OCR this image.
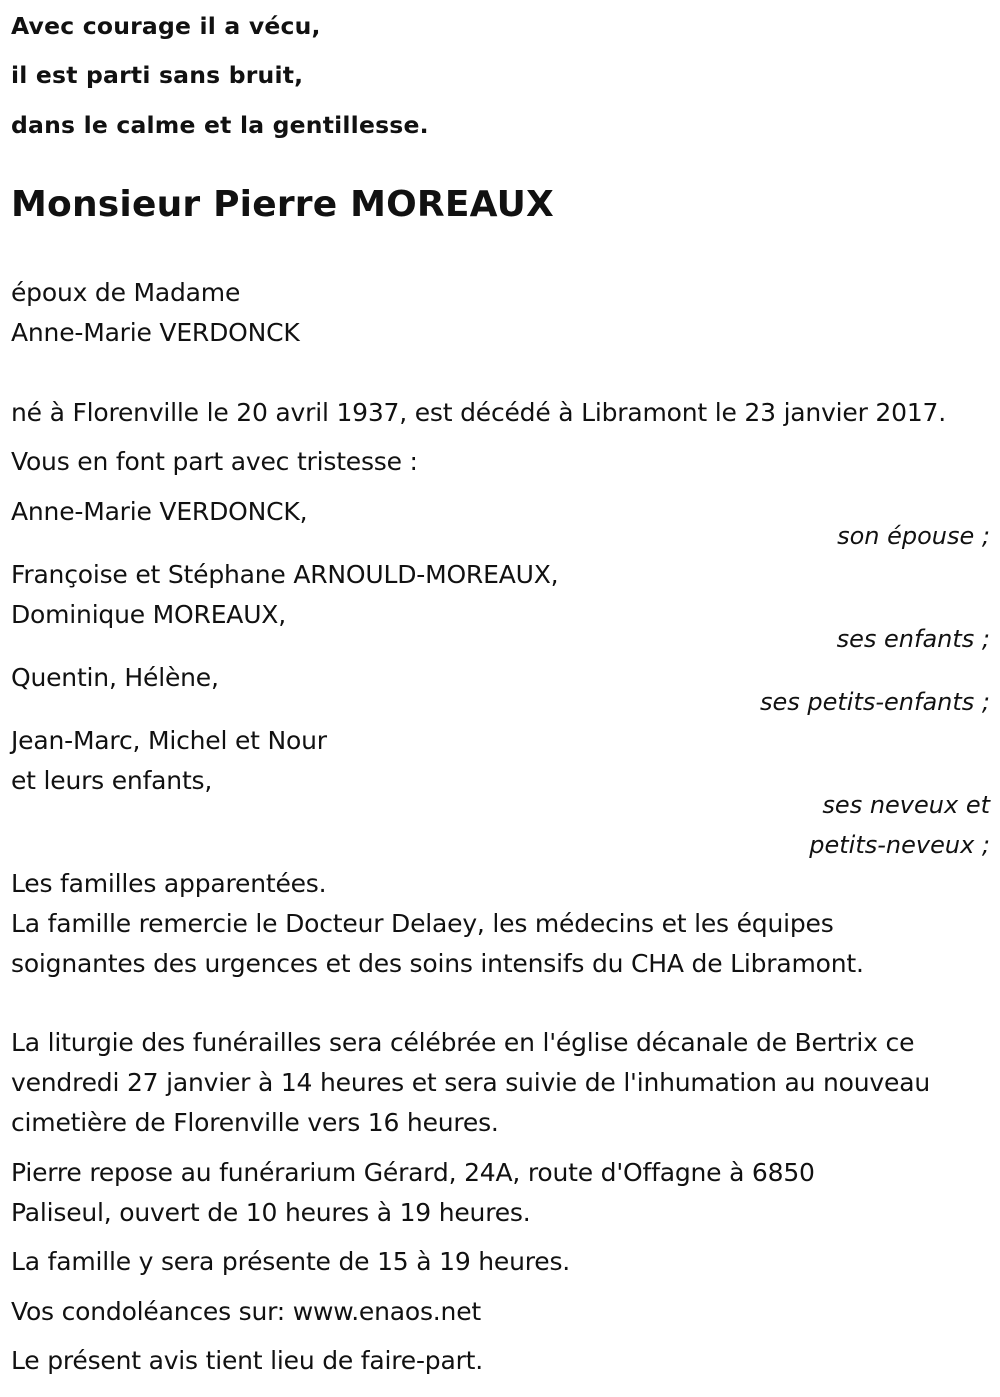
Avec courage il a vécu,

il est parti sans bruit,

dans le calme et la gentillesse.

Monsieur Pierre MOREAUX

époux de Madame

Anne-Marie VERDONCK

né à Florenville le 20 avril 1937, est décédé à Libramont le 23 janvier 2017.

Vous en font part avec tristesse :

Anne-Marie VERDONCK,

son épouse ;

Françoise et Stéphane ARNOULD-MOREAUX,

Dominique MOREAUX,

ses enfants ;

Quentin, Hélène,

ses petits-enfants ;

Jean-Marc, Michel et Nour

et leurs enfants,

ses neveux et

petits-neveux ;

Les familles apparentées.

La famille remercie le Docteur Delaey, les médecins et les équipes

soignantes des urgences et des soins intensifs du CHA de Libramont.

La liturgie des funérailles sera célébrée en l'église décanale de Bertrix ce

vendredi 27 janvier à 14 heures et sera suivie de l'inhumation au nouveau

cimetière de Florenville vers 16 heures.

Pierre repose au funérarium Gérard, 24A, route d'Offagne à 6850

Paliseul, ouvert de 10 heures à 19 heures.

La famille y sera présente de 15 à 19 heures.

Vos condoléances sur: www.enaos.net

Le présent avis tient lieu de faire-part.
